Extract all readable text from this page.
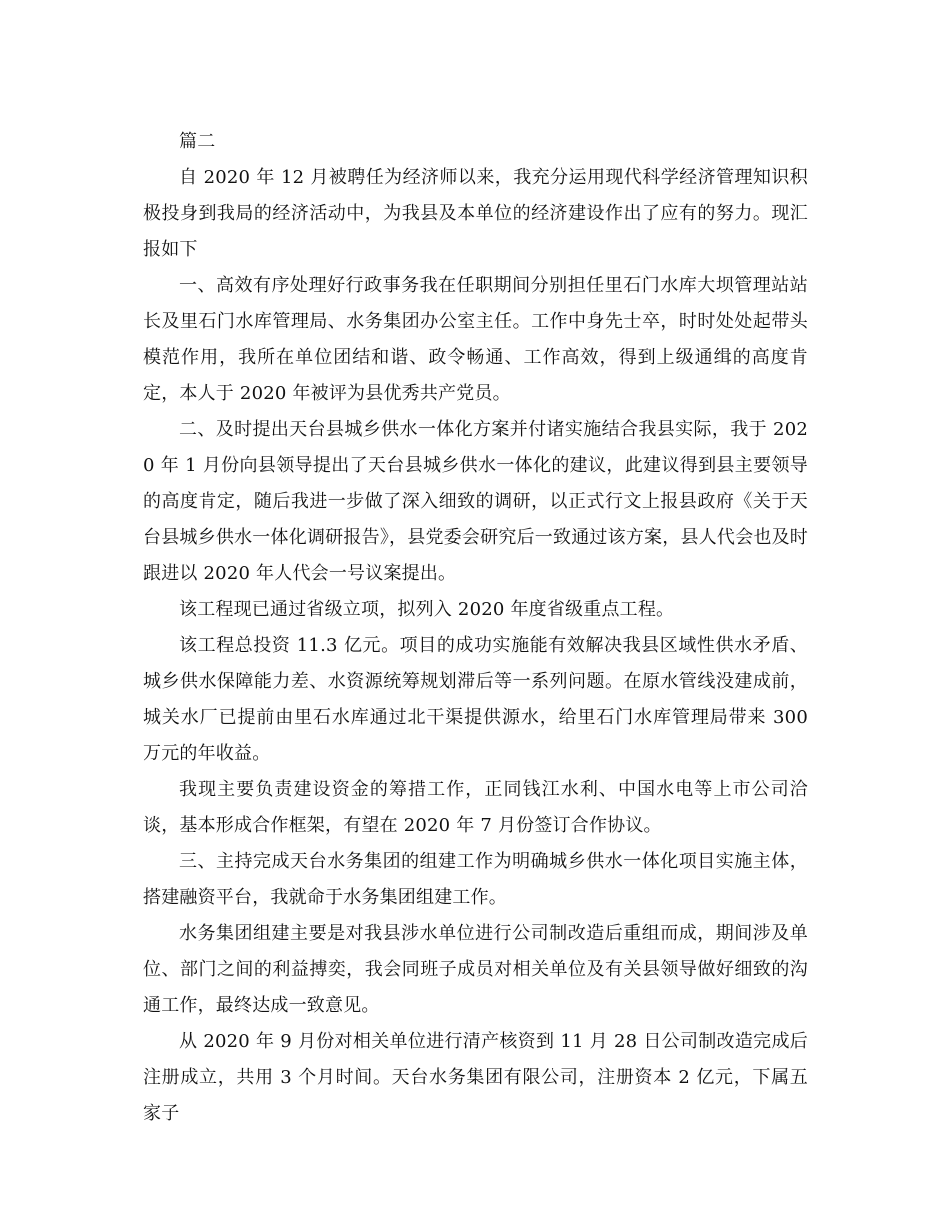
篇二

自 2020 年 12 月被聘任为经济师以来，我充分运用现代科学经济管理知识积极投身到我局的经济活动中，为我县及本单位的经济建设作出了应有的努力。现汇报如下

一、高效有序处理好行政事务我在任职期间分别担任里石门水库大坝管理站站长及里石门水库管理局、水务集团办公室主任。工作中身先士卒，时时处处起带头模范作用，我所在单位团结和谐、政令畅通、工作高效，得到上级通缉的高度肯定，本人于 2020 年被评为县优秀共产党员。

二、及时提出天台县城乡供水一体化方案并付诸实施结合我县实际，我于 2020 年 1 月份向县领导提出了天台县城乡供水一体化的建议，此建议得到县主要领导的高度肯定，随后我进一步做了深入细致的调研，以正式行文上报县政府《关于天台县城乡供水一体化调研报告》，县党委会研究后一致通过该方案，县人代会也及时跟进以 2020 年人代会一号议案提出。

该工程现已通过省级立项，拟列入 2020 年度省级重点工程。

该工程总投资 11.3 亿元。项目的成功实施能有效解决我县区域性供水矛盾、城乡供水保障能力差、水资源统筹规划滞后等一系列问题。在原水管线没建成前，城关水厂已提前由里石水库通过北干渠提供源水，给里石门水库管理局带来 300 万元的年收益。

我现主要负责建设资金的筹措工作，正同钱江水利、中国水电等上市公司洽谈，基本形成合作框架，有望在 2020 年 7 月份签订合作协议。

三、主持完成天台水务集团的组建工作为明确城乡供水一体化项目实施主体，搭建融资平台，我就命于水务集团组建工作。

水务集团组建主要是对我县涉水单位进行公司制改造后重组而成，期间涉及单位、部门之间的利益搏奕，我会同班子成员对相关单位及有关县领导做好细致的沟通工作，最终达成一致意见。

从 2020 年 9 月份对相关单位进行清产核资到 11 月 28 日公司制改造完成后注册成立，共用 3 个月时间。天台水务集团有限公司，注册资本 2 亿元，下属五家子
